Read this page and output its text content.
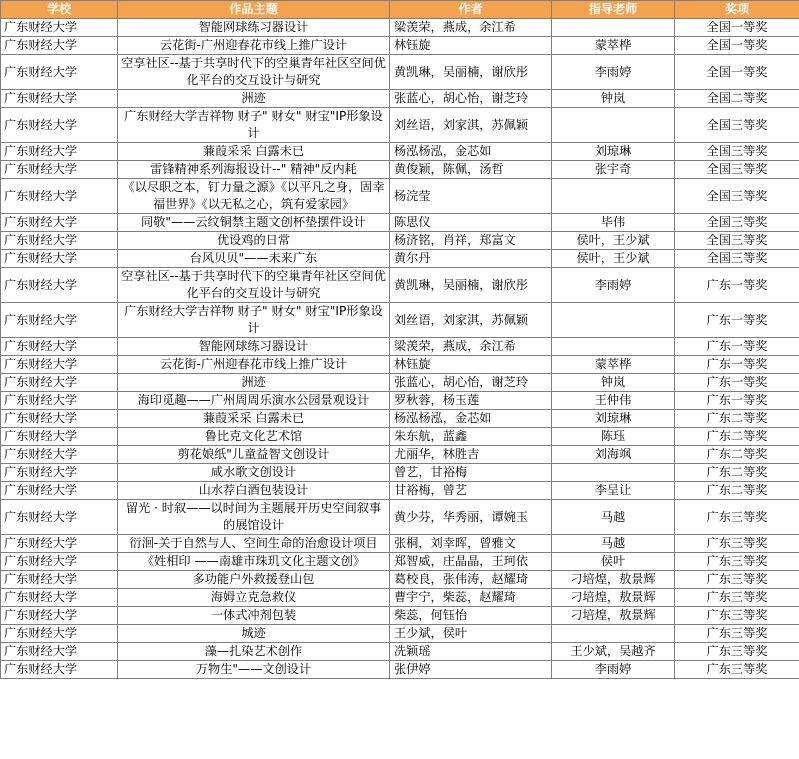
学校	作品主题	作者	指导老师	奖项
广东财经大学	智能网球练习器设计	梁羡荣，燕成，余江希		全国一等奖
广东财经大学	云花街-广州迎春花市线上推广设计	林钰旋	蒙萃桦	全国一等奖
广东财经大学	空享社区--基于共享时代下的空巢青年社区空间优化平台的交互设计与研究	黄凯琳，吴丽楠，谢欣彤	李雨婷	全国一等奖
广东财经大学	洲迹	张蓝心，胡心怡，谢芝玲	钟岚	全国二等奖
广东财经大学	广东财经大学吉祥物 财子" 财女" 财宝"IP形象设计	刘丝语，刘家淇，苏佩颖		全国三等奖
广东财经大学	蒹葭采采 白露未已	杨泓杨泓，金芯如	刘琼琳	全国三等奖
广东财经大学	雷锋精神系列海报设计--" 精神"反内耗	黄俊颖，陈佩，汤哲	张宇奇	全国三等奖
广东财经大学	《以尽职之本，钉力量之源》《以平凡之身，固幸福世界》《以无私之心，筑有爱家园》	杨浣莹		全国三等奖
广东财经大学	同敬"——云纹铜禁主题文创杯垫摆件设计	陈思仪	毕伟	全国三等奖
广东财经大学	优设鸡的日常	杨济铭，肖祥，郑富文	侯叶，王少斌	全国三等奖
广东财经大学	台风贝贝"——未来广东	黄尔丹	侯叶，王少斌	全国三等奖
广东财经大学	空享社区--基于共享时代下的空巢青年社区空间优化平台的交互设计与研究	黄凯琳，吴丽楠，谢欣彤	李雨婷	广东一等奖
广东财经大学	广东财经大学吉祥物 财子" 财女" 财宝"IP形象设计	刘丝语，刘家淇，苏佩颖		广东一等奖
广东财经大学	智能网球练习器设计	梁羡荣，燕成，余江希		广东一等奖
广东财经大学	云花街-广州迎春花市线上推广设计	林钰旋	蒙萃桦	广东一等奖
广东财经大学	洲迹	张蓝心，胡心怡，谢芝玲	钟岚	广东一等奖
广东财经大学	海印觅趣——广州周周乐演水公园景观设计	罗秋蓉，杨玉莲	王仲伟	广东一等奖
广东财经大学	蒹葭采采 白露未已	杨泓杨泓，金芯如	刘琼琳	广东二等奖
广东财经大学	鲁比克文化艺术馆	朱东航，蓝鑫	陈珏	广东二等奖
广东财经大学	剪花娘纸"儿童益智文创设计	尤丽华，林胜吉	刘海飒	广东二等奖
广东财经大学	咸水歌文创设计	曾艺，甘裕梅		广东二等奖
广东财经大学	山水荐白酒包装设计	甘裕梅，曾艺	李呈让	广东二等奖
广东财经大学	留光 · 时叙——以时间为主题展开历史空间叙事的展馆设计	黄少芬，华秀丽，谭婉玉	马越	广东三等奖
广东财经大学	衍洄-关于自然与人、空间生命的治愈设计项目	张桐，刘幸晖，曾雅文	马越	广东三等奖
广东财经大学	《姓相印 ——南雄市珠玑文化主题文创》	郑智威，庄晶晶，王珂依	侯叶	广东三等奖
广东财经大学	多功能户外救援登山包	葛校良，张伟涛，赵耀琦	刁培煌，敖景辉	广东三等奖
广东财经大学	海姆立克急救仪	曹宇宁，柴蕊，赵耀琦	刁培煌，敖景辉	广东三等奖
广东财经大学	一体式冲剂包装	柴蕊，何钰怡	刁培煌，敖景辉	广东三等奖
广东财经大学	城迹	王少斌，侯叶		广东三等奖
广东财经大学	藻—扎染艺术创作	冼颖瑶	王少斌，吴越齐	广东三等奖
广东财经大学	万物生"——文创设计	张伊婷	李雨婷	广东三等奖
